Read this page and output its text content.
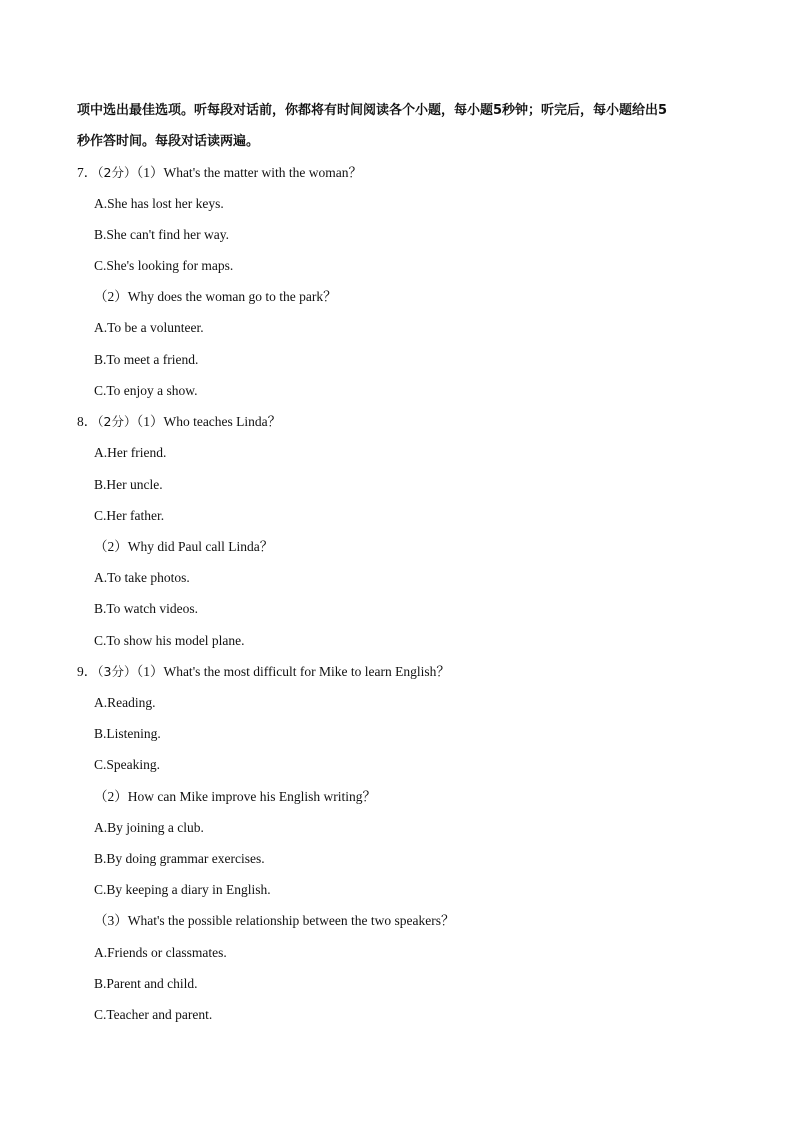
项中选出最佳选项。听每段对话前，你都将有时间阅读各个小题，每小题5秒钟；听完后，每小题给出5
秒作答时间。每段对话读两遍。
7．（2分）（1）What's the matter with the woman？
A.She has lost her keys.
B.She can't find her way.
C.She's looking for maps.
（2）Why does the woman go to the park？
A.To be a volunteer.
B.To meet a friend.
C.To enjoy a show.
8．（2分）（1）Who teaches Linda？
A.Her friend.
B.Her uncle.
C.Her father.
（2）Why did Paul call Linda？
A.To take photos.
B.To watch videos.
C.To show his model plane.
9．（3分）（1）What's the most difficult for Mike to learn English？
A.Reading.
B.Listening.
C.Speaking.
（2）How can Mike improve his English writing？
A.By joining a club.
B.By doing grammar exercises.
C.By keeping a diary in English.
（3）What's the possible relationship between the two speakers？
A.Friends or classmates.
B.Parent and child.
C.Teacher and parent.
